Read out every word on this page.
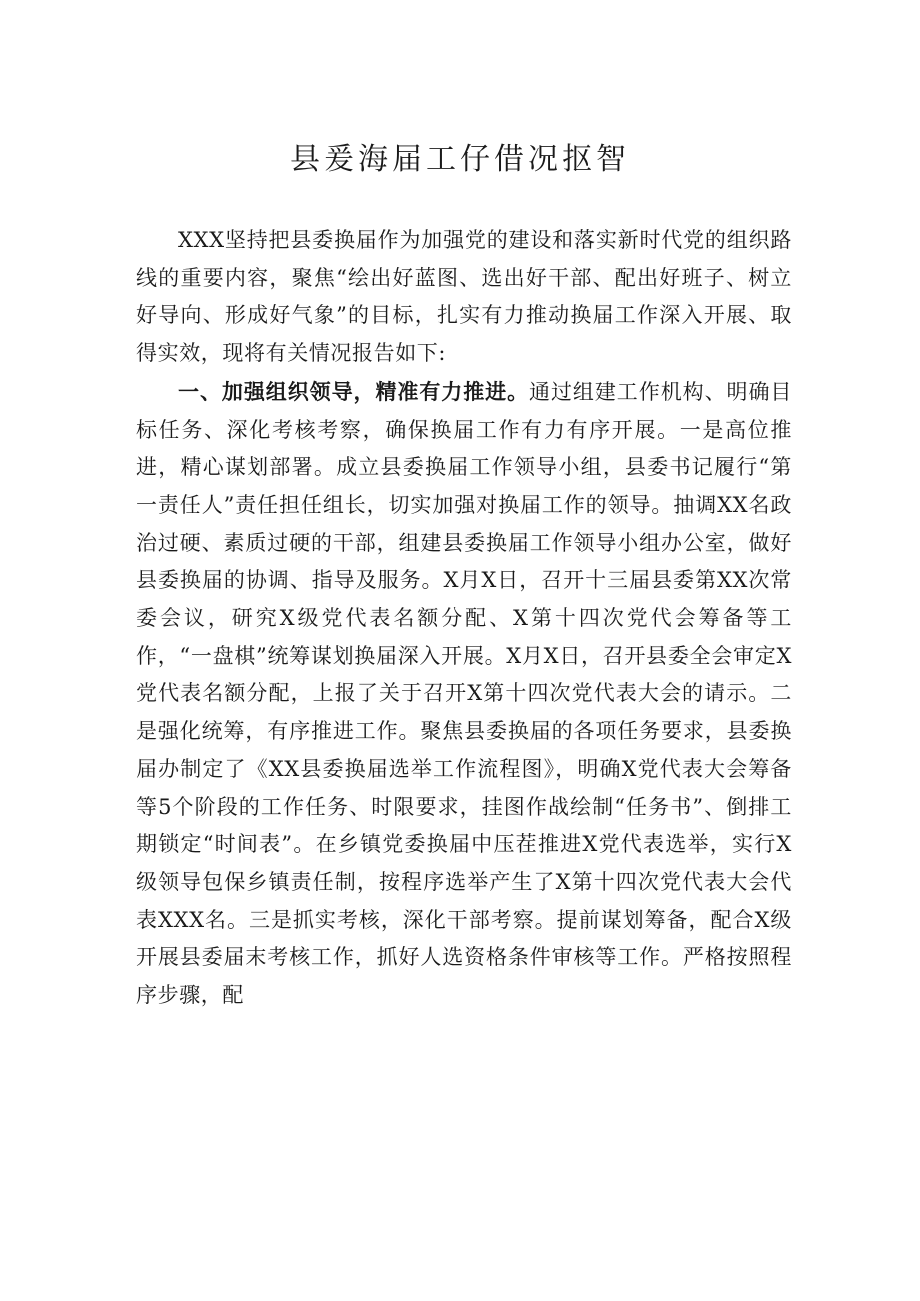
县爰海届工仔借况抠智

XXX坚持把县委换届作为加强党的建设和落实新时代党的组织路线的重要内容，聚焦“绘出好蓝图、选出好干部、配出好班子、树立好导向、形成好气象”的目标，扎实有力推动换届工作深入开展、取得实效，现将有关情况报告如下:

一、加强组织领导，精准有力推进。通过组建工作机构、明确目标任务、深化考核考察，确保换届工作有力有序开展。一是高位推进，精心谋划部署。成立县委换届工作领导小组，县委书记履行“第一责任人”责任担任组长，切实加强对换届工作的领导。抽调XX名政治过硬、素质过硬的干部，组建县委换届工作领导小组办公室，做好县委换届的协调、指导及服务。X月X日，召开十三届县委第XX次常委会议，研究X级党代表名额分配、X第十四次党代会筹备等工作，“一盘棋”统筹谋划换届深入开展。X月X日，召开县委全会审定X党代表名额分配，上报了关于召开X第十四次党代表大会的请示。二是强化统筹，有序推进工作。聚焦县委换届的各项任务要求，县委换届办制定了《XX县委换届选举工作流程图》，明确X党代表大会筹备等5个阶段的工作任务、时限要求，挂图作战绘制“任务书”、倒排工期锁定“时间表”。在乡镇党委换届中压茬推进X党代表选举，实行X级领导包保乡镇责任制，按程序选举产生了X第十四次党代表大会代表XXX名。三是抓实考核，深化干部考察。提前谋划筹备，配合X级开展县委届末考核工作，抓好人选资格条件审核等工作。严格按照程序步骤，配
